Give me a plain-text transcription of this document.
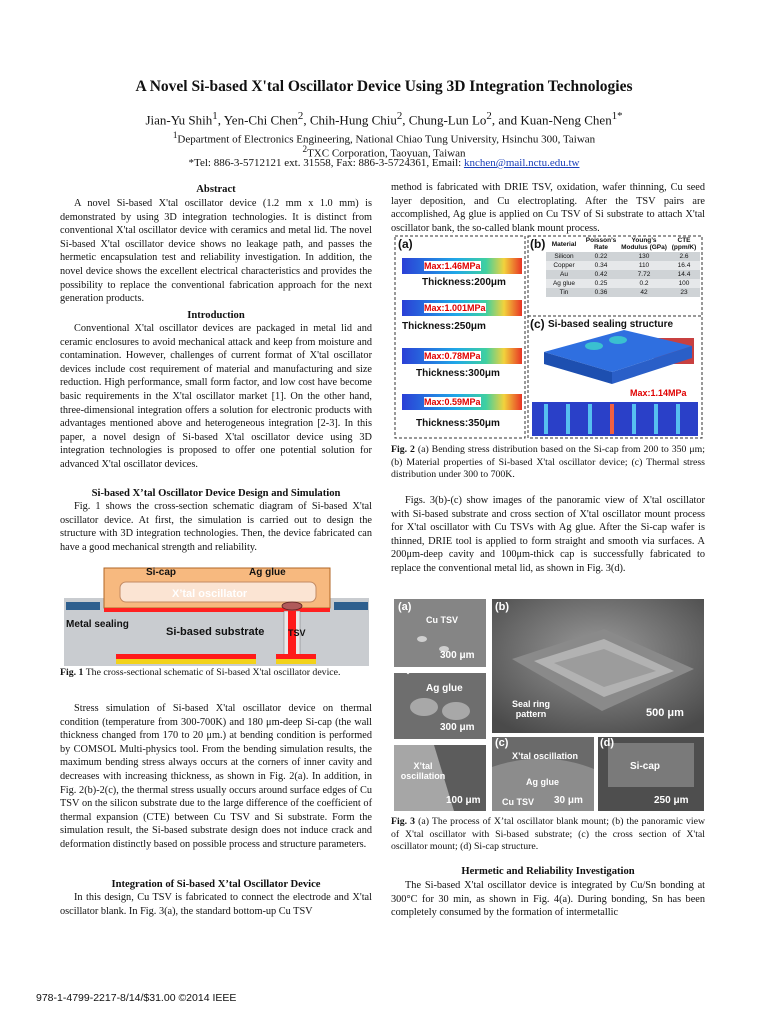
A Novel Si-based X'tal Oscillator Device Using 3D Integration Technologies
Jian-Yu Shih$^1$, Yen-Chi Chen$^2$, Chih-Hung Chiu$^2$, Chung-Lun Lo$^2$, and Kuan-Neng Chen$^{1*}$
$^1$Department of Electronics Engineering, National Chiao Tung University, Hsinchu 300, Taiwan
$^2$TXC Corporation, Taoyuan, Taiwan
*Tel: 886-3-5712121 ext. 31558, Fax: 886-3-5724361, Email: knchen@mail.nctu.edu.tw
Abstract

A novel Si-based X'tal oscillator device (1.2 mm x 1.0 mm) is demonstrated by using 3D integration technologies. It is distinct from conventional X'tal oscillator device with ceramics and metal lid. The novel Si-based X'tal oscillator device shows no leakage path, and passes the hermetic encapsulation test and reliability investigation. In addition, the novel device shows the excellent electrical characteristics and provides the possibility to replace the conventional fabrication approach for the next generation products.

Introduction

Conventional X'tal oscillator devices are packaged in metal lid and ceramic enclosures to avoid mechanical attack and keep from moisture and contamination. However, challenges of current format of X'tal oscillator devices include cost requirement of material and manufacturing and size reduction. High performance, small form factor, and low cost have become basic requirements in the X'tal oscillator market [1]. On the other hand, three-dimensional integration offers a solution for electronic products with advantages mentioned above and heterogeneous integration [2-3]. In this paper, a novel design of Si-based X'tal oscillator device using 3D integration technologies is proposed to offer one potential solution for advanced X'tal oscillator devices.

Si-based X’tal Oscillator Device Design and Simulation

Fig. 1 shows the cross-section schematic diagram of Si-based X'tal oscillator device. At first, the simulation is carried out to design the structure with 3D integration technologies. Then, the device fabricated can have a good mechanical strength and reliability.

Si-cap	Ag glue
X’tal oscillator
Metal sealing
Si-based substrate	TSV
Fig. 1 The cross-sectional schematic of Si-based X'tal oscillator device.

Stress simulation of Si-based X'tal oscillator device on thermal condition (temperature from 300-700K) and 180 μm-deep Si-cap (the wall thickness changed from 170 to 20 μm.) at bending condition is performed by COMSOL Multi-physics tool. From the bending simulation results, the maximum bending stress always occurs at the corners of inner cavity and decreases with increasing thickness, as shown in Fig. 2(a). In addition, in Fig. 2(b)-2(c), the thermal stress usually occurs around surface edges of Cu TSV on the silicon substrate due to the large difference of the coefficient of thermal expansion (CTE) between Cu TSV and Si substrate. Form the simulation result, the Si-based substrate design does not induce crack and deformation distinctly based on possible process and structure parameters.

Integration of Si-based X’tal Oscillator Device

In this design, Cu TSV is fabricated to connect the electrode and X'tal oscillator blank. In Fig. 3(a), the standard bottom-up Cu TSV

method is fabricated with DRIE TSV, oxidation, wafer thinning, Cu seed layer deposition, and Cu electroplating. After the TSV pairs are accomplished, Ag glue is applied on Cu TSV of Si substrate to attach X'tal oscillator bank, the so-called blank mount process.

(a)	(b)
(c)
Max:1.46MPa
Thickness:200μm
Max:1.001MPa
Thickness:250μm
Max:0.78MPa
Thickness:300μm
Max:0.59MPa
Thickness:350μm
Material	Poisson’s Rate	Young’s Modulus (GPa)	CTE (ppm/K)
Silicon	0.22	130	2.6
Copper	0.34	110	16.4
Au	0.42	7.72	14.4
Ag glue	0.25	0.2	100
Tin	0.36	42	23
Si-based sealing structure
Max:1.14MPa
Fig. 2 (a) Bending stress distribution based on the Si-cap from 200 to 350 μm; (b) Material properties of Si-based X'tal oscillator device; (c) Thermal stress distribution under 300 to 700K.

Figs. 3(b)-(c) show images of the panoramic view of X'tal oscillator with Si-based substrate and cross section of X'tal oscillator mount process for X'tal oscillator with Cu TSVs with Ag glue. After the Si-cap wafer is thinned, DRIE tool is applied to form straight and smooth via surfaces. A 200μm-deep cavity and 100μm-thick cap is successfully fabricated to replace the conventional metal lid, as shown in Fig. 3(d).

(a)	(b)
(c)	(d)
Cu TSV
300 μm
Ag glue
300 μm
Seal ring pattern	500 μm
X’tal oscillation
100 μm
X’tal oscillation
Ag glue
Cu TSV 30 μm
Si-cap
250 μm
Fig. 3 (a) The process of X’tal oscillator blank mount; (b) the panoramic view of X'tal oscillator with Si-based substrate; (c) the cross section of X'tal oscillator mount; (d) Si-cap structure.
Hermetic and Reliability Investigation

The Si-based X'tal oscillator device is integrated by Cu/Sn bonding at 300°C for 30 min, as shown in Fig. 4(a). During bonding, Sn has been completely consumed by the formation of intermetallic

978-1-4799-2217-8/14/$31.00 ©2014 IEEE
